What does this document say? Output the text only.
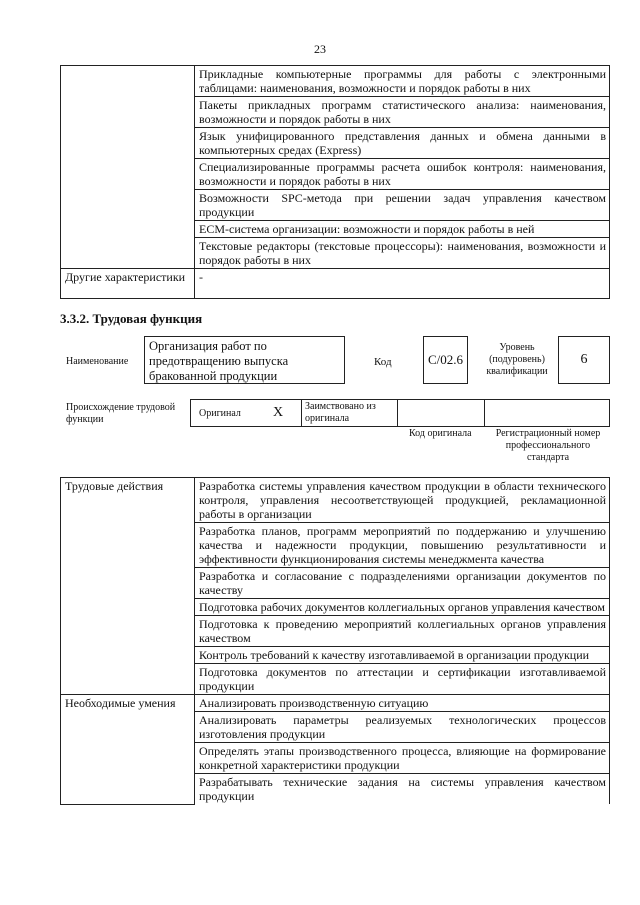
23
	Прикладные компьютерные программы для работы с электронными таблицами: наименования, возможности и порядок работы в них
	Пакеты прикладных программ статистического анализа: наименования, возможности и порядок работы в них
	Язык унифицированного представления данных и обмена данными в компьютерных средах (Express)
	Специализированные программы расчета ошибок контроля: наименования, возможности и порядок работы в них
	Возможности SPC-метода при решении задач управления качеством продукции
	ECM-система организации: возможности и порядок работы в ней
	Текстовые редакторы (текстовые процессоры): наименования, возможности и порядок работы в них
Другие характеристики	-
3.3.2. Трудовая функция
Наименование
Организация работ по предотвращению выпуска бракованной продукции
Код	С/02.6
Уровень (подуровень) квалификации
6
Происхождение трудовой функции
Оригинал X Заимствовано из оригинала
Код оригинала	Регистрационный номер профессионального стандарта
Трудовые действия	Разработка системы управления качеством продукции в области технического контроля, управления несоответствующей продукцией, рекламационной работы в организации
	Разработка планов, программ мероприятий по поддержанию и улучшению качества и надежности продукции, повышению результативности и эффективности функционирования системы менеджмента качества
	Разработка и согласование с подразделениями организации документов по качеству
	Подготовка рабочих документов коллегиальных органов управления качеством
	Подготовка к проведению мероприятий коллегиальных органов управления качеством
	Контроль требований к качеству изготавливаемой в организации продукции
	Подготовка документов по аттестации и сертификации изготавливаемой продукции
Необходимые умения	Анализировать производственную ситуацию
	Анализировать параметры реализуемых технологических процессов изготовления продукции
	Определять этапы производственного процесса, влияющие на формирование конкретной характеристики продукции
	Разрабатывать технические задания на системы управления качеством продукции
